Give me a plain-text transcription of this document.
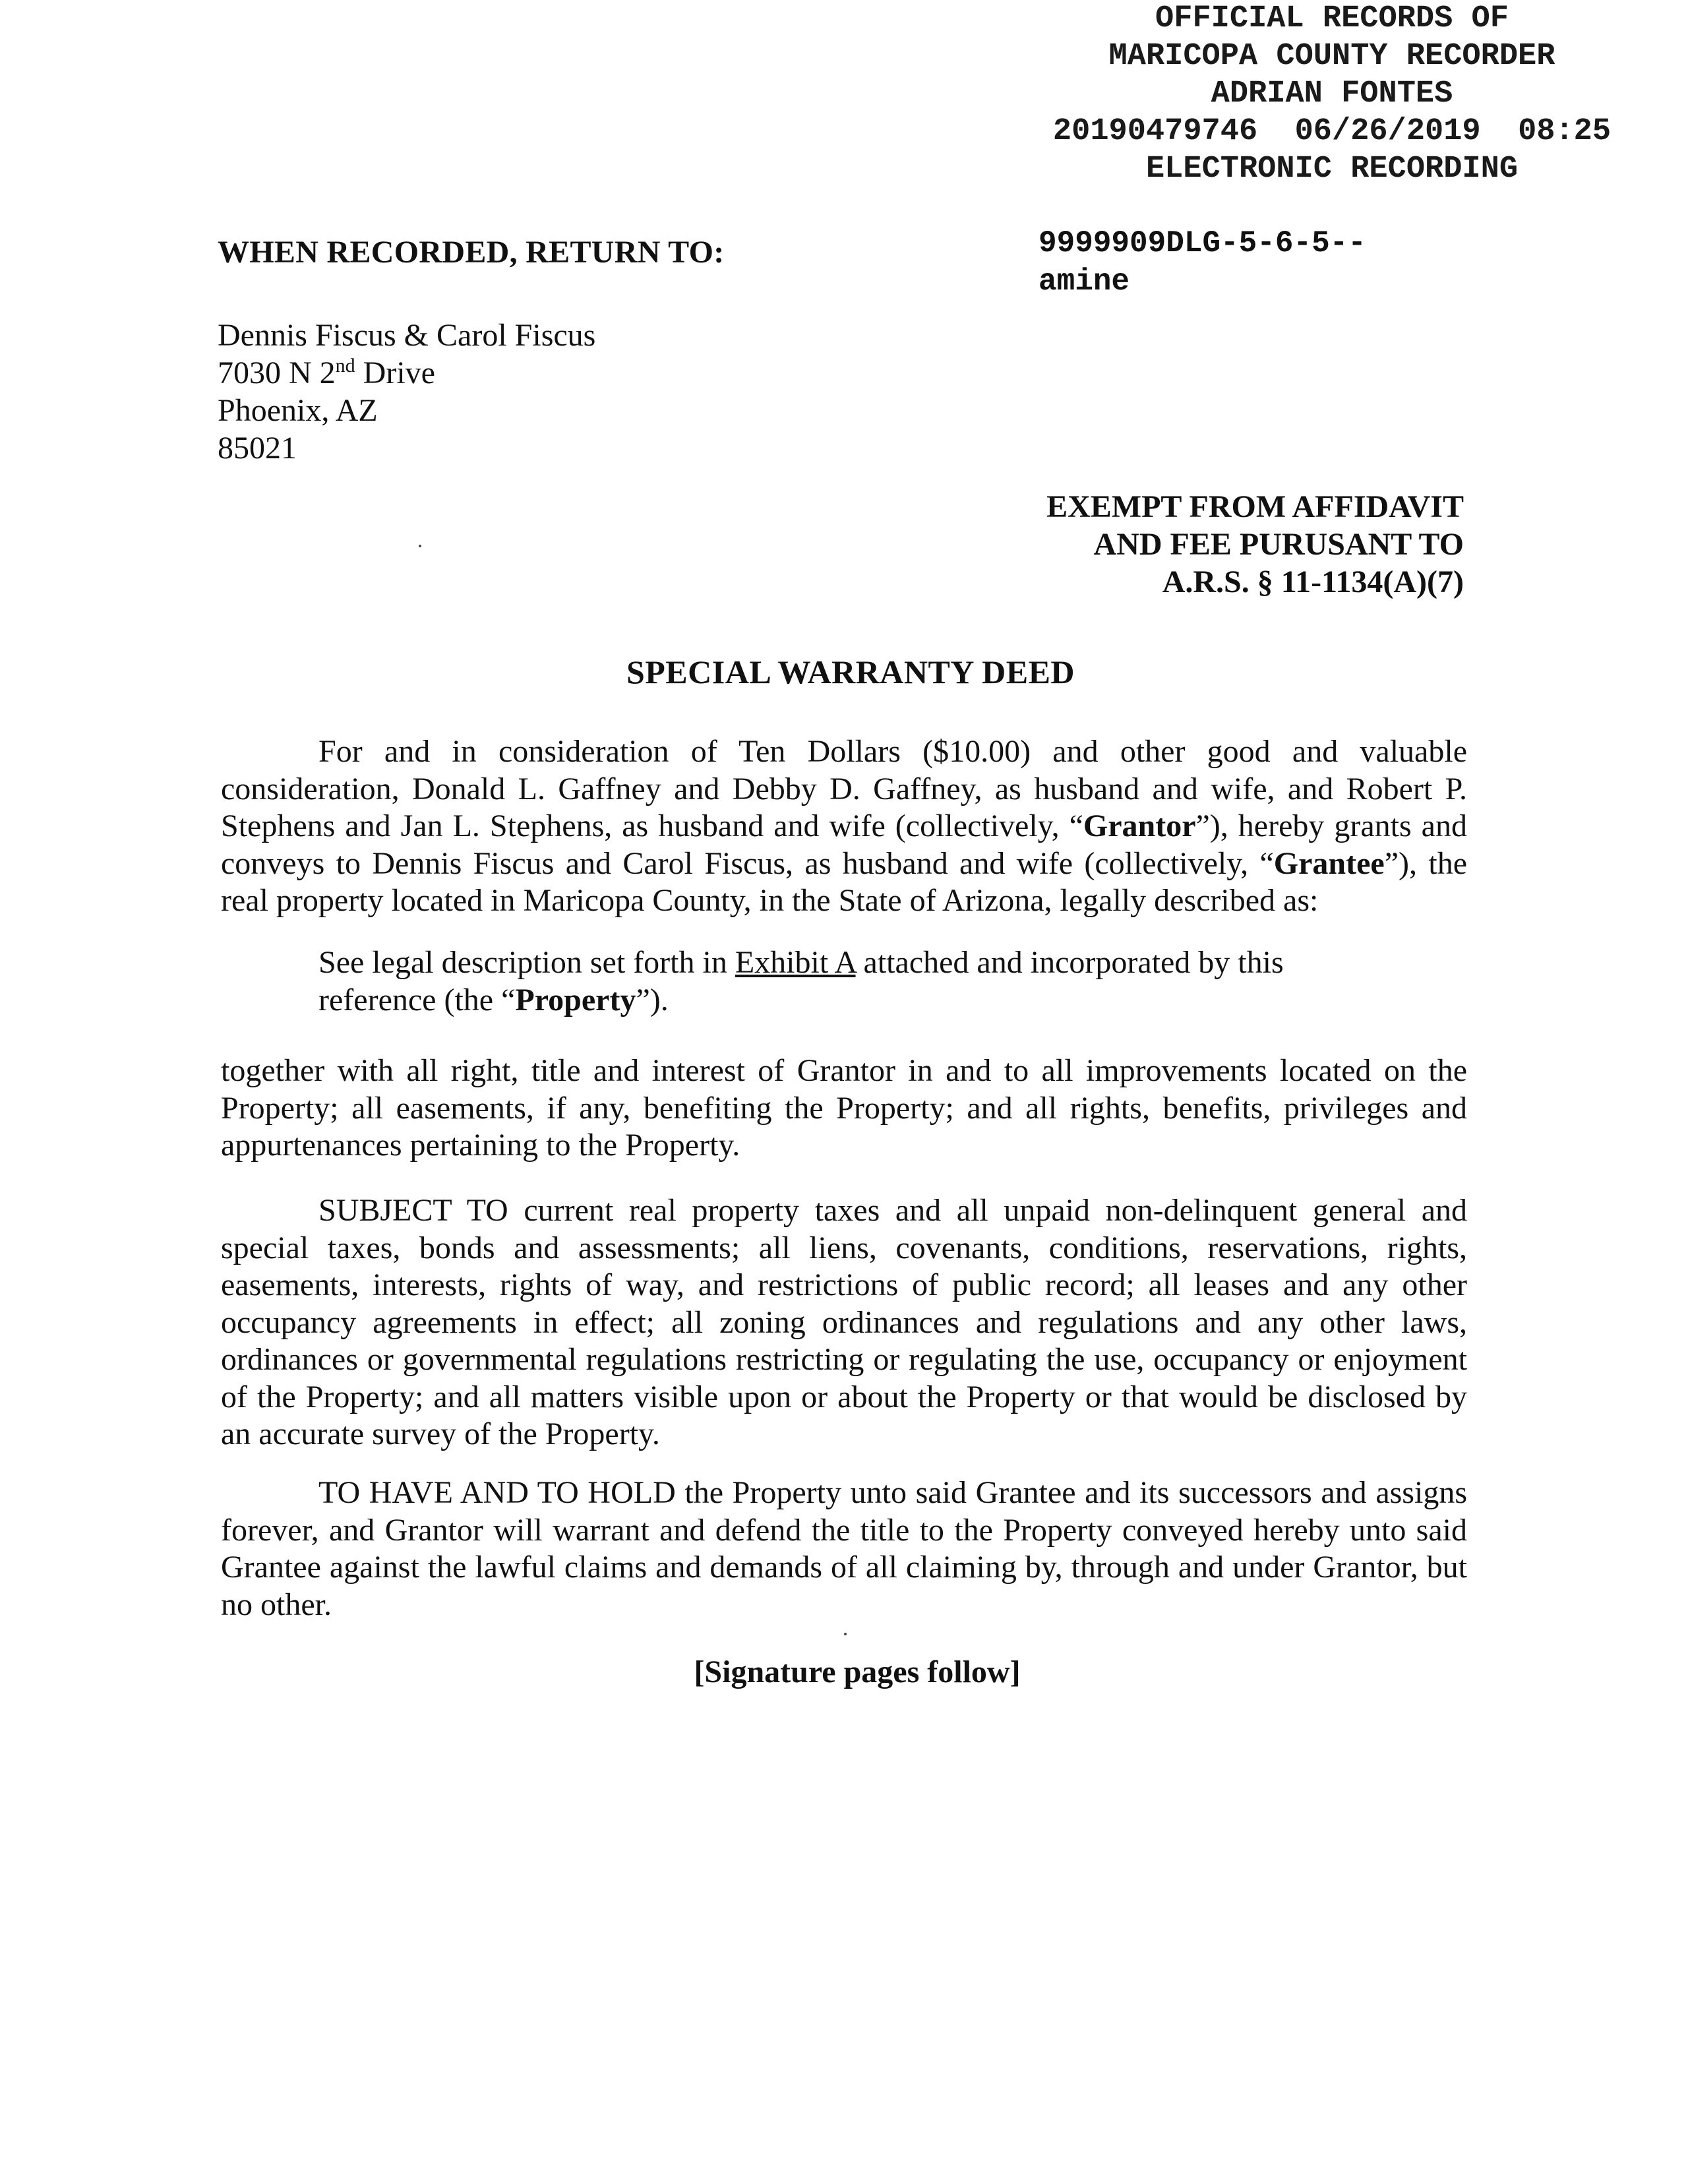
OFFICIAL RECORDS OF
MARICOPA COUNTY RECORDER
ADRIAN FONTES
20190479746 06/26/2019 08:25
ELECTRONIC RECORDING
WHEN RECORDED, RETURN TO:	9999909DLG-5-6-5--
amine
Dennis Fiscus & Carol Fiscus
7030 N 2nd Drive
Phoenix, AZ
85021
EXEMPT FROM AFFIDAVIT
AND FEE PURUSANT TO
A.R.S. § 11-1134(A)(7)
SPECIAL WARRANTY DEED
For and in consideration of Ten Dollars ($10.00) and other good and valuable consideration, Donald L. Gaffney and Debby D. Gaffney, as husband and wife, and Robert P. Stephens and Jan L. Stephens, as husband and wife (collectively, “Grantor”), hereby grants and conveys to Dennis Fiscus and Carol Fiscus, as husband and wife (collectively, “Grantee”), the real property located in Maricopa County, in the State of Arizona, legally described as:
See legal description set forth in Exhibit A attached and incorporated by this reference (the “Property”).
together with all right, title and interest of Grantor in and to all improvements located on the Property; all easements, if any, benefiting the Property; and all rights, benefits, privileges and appurtenances pertaining to the Property.
SUBJECT TO current real property taxes and all unpaid non-delinquent general and special taxes, bonds and assessments; all liens, covenants, conditions, reservations, rights, easements, interests, rights of way, and restrictions of public record; all leases and any other occupancy agreements in effect; all zoning ordinances and regulations and any other laws, ordinances or governmental regulations restricting or regulating the use, occupancy or enjoyment of the Property; and all matters visible upon or about the Property or that would be disclosed by an accurate survey of the Property.
TO HAVE AND TO HOLD the Property unto said Grantee and its successors and assigns forever, and Grantor will warrant and defend the title to the Property conveyed hereby unto said Grantee against the lawful claims and demands of all claiming by, through and under Grantor, but no other.
[Signature pages follow]
